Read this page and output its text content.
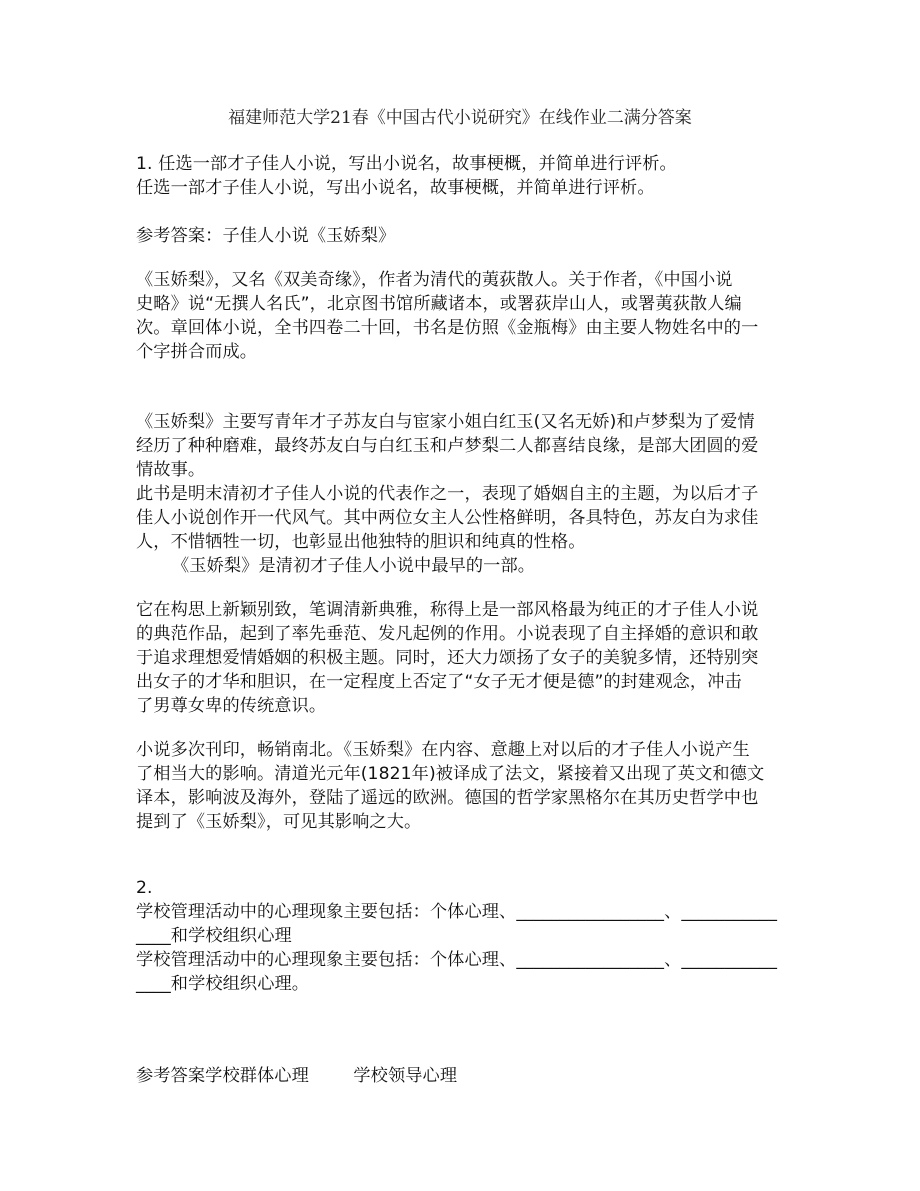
福建师范大学21春《中国古代小说研究》在线作业二满分答案
1. 任选一部才子佳人小说，写出小说名，故事梗概，并简单进行评析。
任选一部才子佳人小说，写出小说名，故事梗概，并简单进行评析。
参考答案：子佳人小说《玉娇梨》
《玉娇梨》，又名《双美奇缘》，作者为清代的荑荻散人。关于作者，《中国小说
史略》说“无撰人名氏”，北京图书馆所藏诸本，或署荻岸山人，或署荑荻散人编
次。章回体小说，全书四卷二十回，书名是仿照《金瓶梅》由主要人物姓名中的一
个字拼合而成。
《玉娇梨》主要写青年才子苏友白与宦家小姐白红玉(又名无娇)和卢梦梨为了爱情
经历了种种磨难，最终苏友白与白红玉和卢梦梨二人都喜结良缘，是部大团圆的爱
情故事。
此书是明末清初才子佳人小说的代表作之一，表现了婚姻自主的主题，为以后才子
佳人小说创作开一代风气。其中两位女主人公性格鲜明，各具特色，苏友白为求佳
人，不惜牺牲一切，也彰显出他独特的胆识和纯真的性格。
《玉娇梨》是清初才子佳人小说中最早的一部。
它在构思上新颖别致，笔调清新典雅，称得上是一部风格最为纯正的才子佳人小说
的典范作品，起到了率先垂范、发凡起例的作用。小说表现了自主择婚的意识和敢
于追求理想爱情婚姻的积极主题。同时，还大力颂扬了女子的美貌多情，还特别突
出女子的才华和胆识，在一定程度上否定了“女子无才便是德”的封建观念，冲击
了男尊女卑的传统意识。
小说多次刊印，畅销南北。《玉娇梨》在内容、意趣上对以后的才子佳人小说产生
了相当大的影响。清道光元年(1821年)被译成了法文，紧接着又出现了英文和德文
译本，影响波及海外，登陆了遥远的欧洲。德国的哲学家黑格尔在其历史哲学中也
提到了《玉娇梨》，可见其影响之大。
2.
学校管理活动中的心理现象主要包括：个体心理、_________________、___________
____和学校组织心理
学校管理活动中的心理现象主要包括：个体心理、_________________、___________
____和学校组织心理。

参考答案学校群体心理        学校领导心理
